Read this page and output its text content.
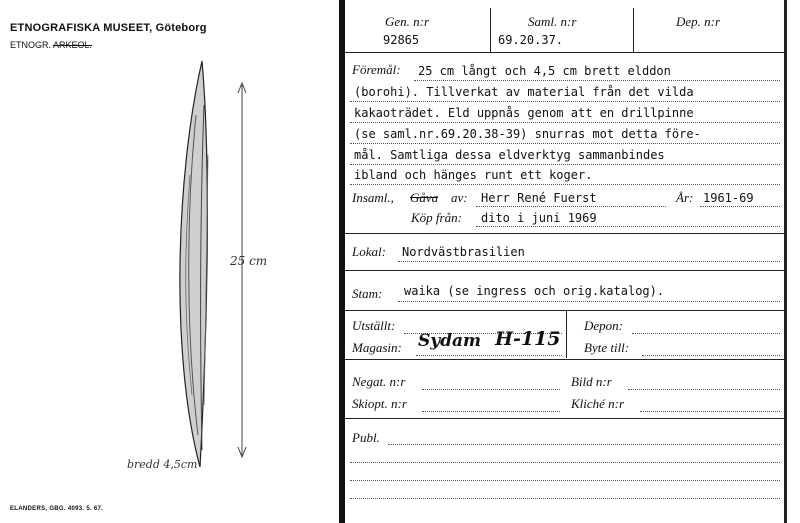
ETNOGRAFISKA MUSEET, Göteborg
ETNOGR. ARKEOL.
25 cm
bredd 4,5cm
ELANDERS, GBG. 4093. 5. 67.
Gen. n:r
92865
Saml. n:r
69.20.37.
Dep. n:r
Föremål: 25 cm långt och 4,5 cm brett elddon
(borohi). Tillverkat av material från det vilda
kakaoträdet. Eld uppnås genom att en drillpinne
(se saml.nr.69.20.38-39) snurras mot detta före-
mål. Samtliga dessa eldverktyg sammanbindes
ibland och hänges runt ett koger.
Insaml., Gåva av: Herr René Fuerst	År: 1961-69
Köp från: dito i juni 1969
Lokal: Nordvästbrasilien
Stam: waika (se ingress och orig.katalog).
Utställt:	Depon:
Magasin: Sydam H-115 Byte till:
Negat. n:r	Bild n:r
Skiopt. n:r	Kliché n:r
Publ.
